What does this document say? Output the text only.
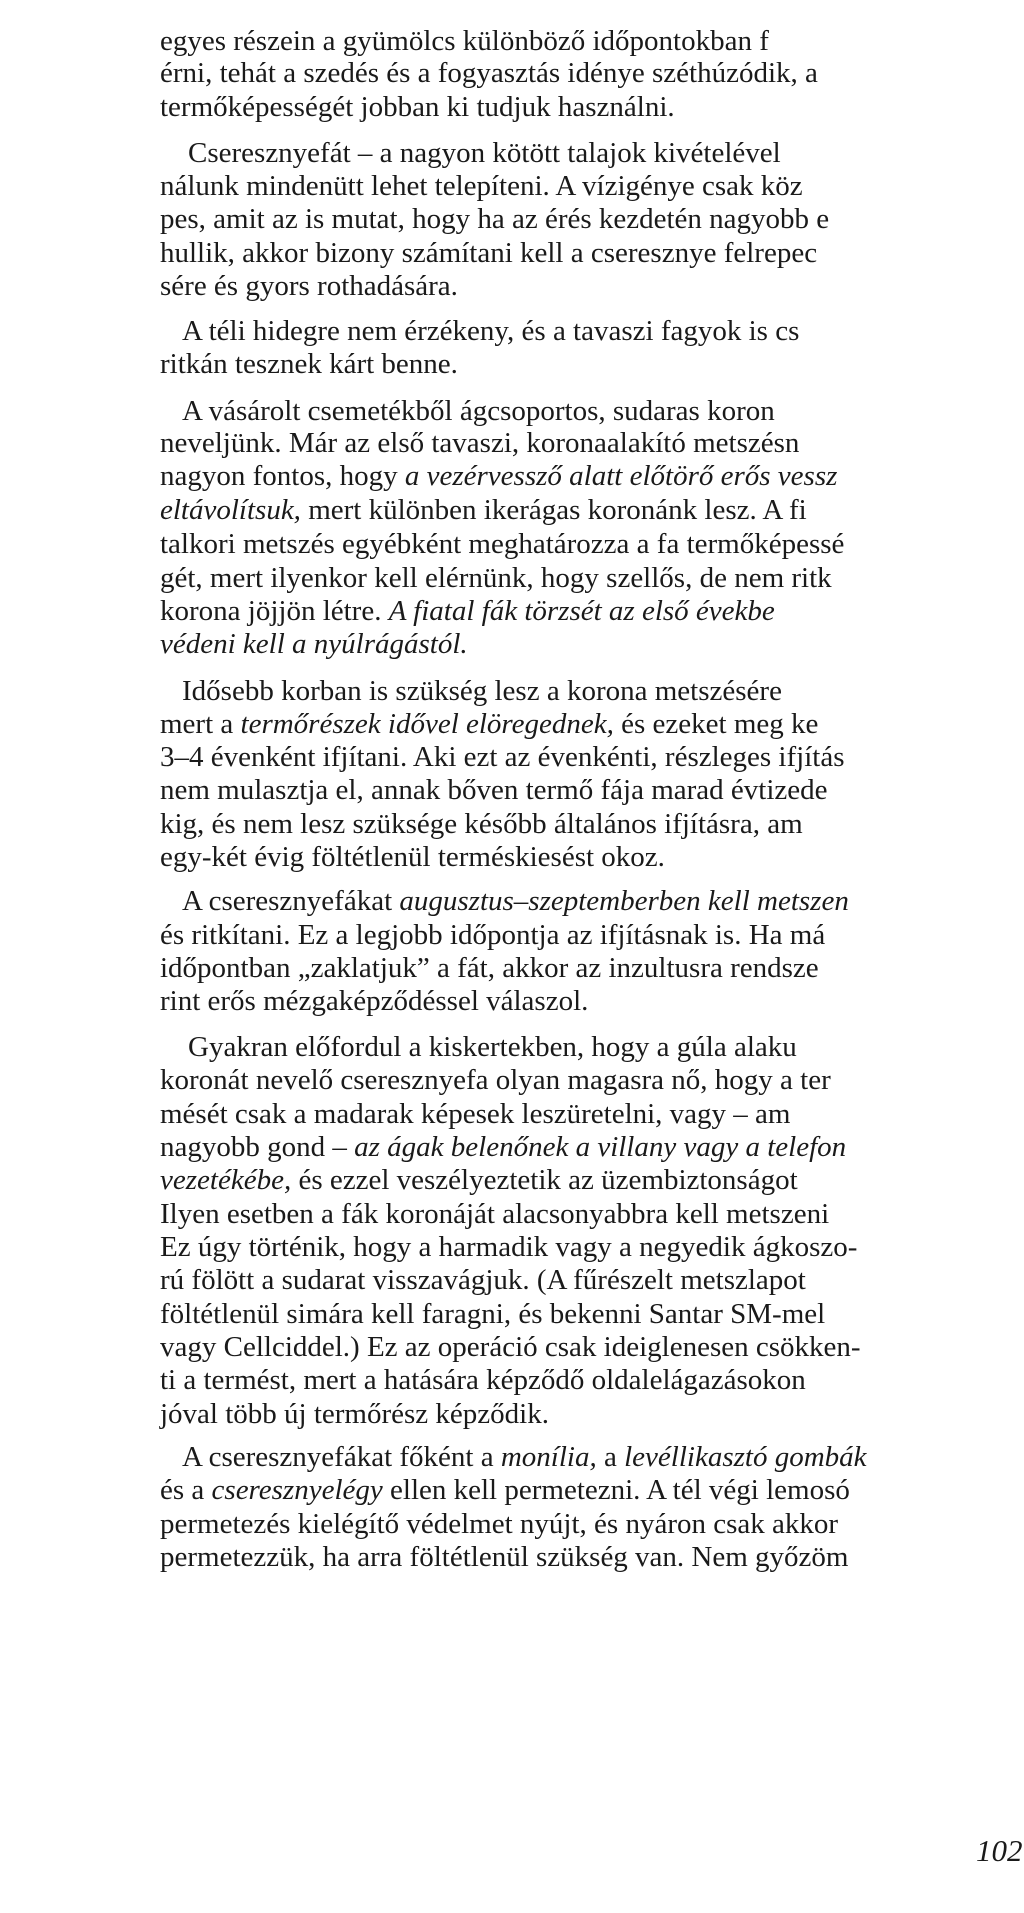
egyes részein a gyümölcs különböző időpontokban f
érni, tehát a szedés és a fogyasztás idénye széthúzódik, a
termőképességét jobban ki tudjuk használni.
Cseresznyefát – a nagyon kötött talajok kivételével
nálunk mindenütt lehet telepíteni. A vízigénye csak köz
pes, amit az is mutat, hogy ha az érés kezdetén nagyobb e
hullik, akkor bizony számítani kell a cseresznye felrepec
sére és gyors rothadására.
A téli hidegre nem érzékeny, és a tavaszi fagyok is cs
ritkán tesznek kárt benne.
A vásárolt csemetékből ágcsoportos, sudaras koron
neveljünk. Már az első tavaszi, koronaalakító metszésn
nagyon fontos, hogy a vezérvessző alatt előtörő erős vessz
eltávolítsuk, mert különben ikerágas koronánk lesz. A fi
talkori metszés egyébként meghatározza a fa termőképessé
gét, mert ilyenkor kell elérnünk, hogy szellős, de nem ritk
korona jöjjön létre. A fiatal fák törzsét az első évekbe
védeni kell a nyúlrágástól.
Idősebb korban is szükség lesz a korona metszésére
mert a termőrészek idővel elöregednek, és ezeket meg ke
3–4 évenként ifjítani. Aki ezt az évenkénti, részleges ifjítás
nem mulasztja el, annak bőven termő fája marad évtizede
kig, és nem lesz szüksége később általános ifjításra, am
egy-két évig föltétlenül terméskiesést okoz.
A cseresznyefákat augusztus–szeptemberben kell metszen
és ritkítani. Ez a legjobb időpontja az ifjításnak is. Ha má
időpontban „zaklatjuk” a fát, akkor az inzultusra rendsze
rint erős mézgaképződéssel válaszol.
Gyakran előfordul a kiskertekben, hogy a gúla alaku
koronát nevelő cseresznyefa olyan magasra nő, hogy a ter
mését csak a madarak képesek leszüretelni, vagy – am
nagyobb gond – az ágak belenőnek a villany vagy a telefon
vezetékébe, és ezzel veszélyeztetik az üzembiztonságot
Ilyen esetben a fák koronáját alacsonyabbra kell metszeni
Ez úgy történik, hogy a harmadik vagy a negyedik ágkoszo-
rú fölött a sudarat visszavágjuk. (A fűrészelt metszlapot
föltétlenül simára kell faragni, és bekenni Santar SM-mel
vagy Cellciddel.) Ez az operáció csak ideiglenesen csökken-
ti a termést, mert a hatására képződő oldalelágazásokon
jóval több új termőrész képződik.
A cseresznyefákat főként a monília, a levéllikasztó gombák
és a cseresznyelégy ellen kell permetezni. A tél végi lemosó
permetezés kielégítő védelmet nyújt, és nyáron csak akkor
permetezzük, ha arra föltétlenül szükség van. Nem győzöm
102
